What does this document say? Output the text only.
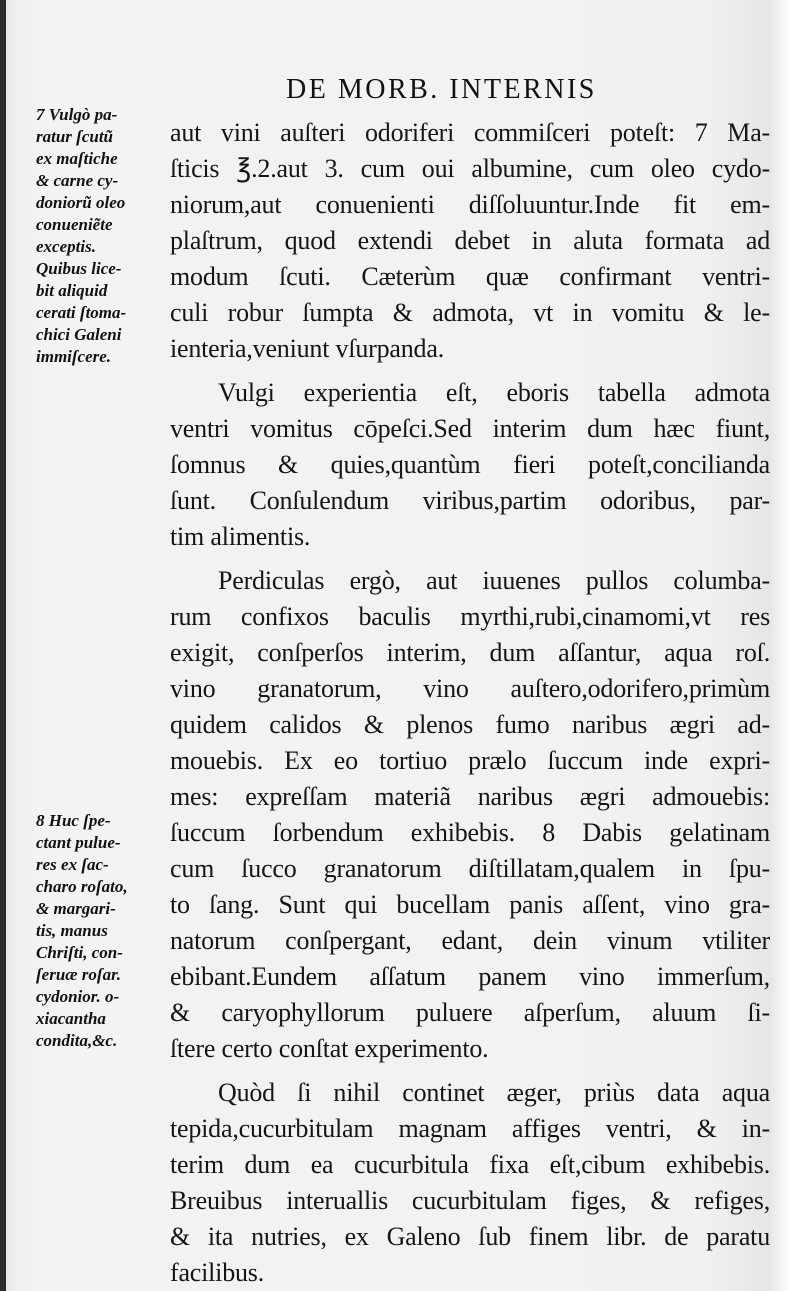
DE MORB. INTERNIS
7 Vulgò pa-
ratur ſcutũ
ex maſtiche
& carne cy-
doniorũ oleo
conueniẽte
exceptis.
Quibus lice-
bit aliquid
cerati ſtoma-
chici Galeni
immiſcere.
8 Huc ſpe-
ctant pulue-
res ex ſac-
charo roſato,
& margari-
tis, manus
Chriſti, con-
ſeruæ roſar.
cydonior. o-
xiacantha
condita,&c.
aut vini auſteri odoriferi commiſceri poteſt: 7 Ma-
ſticis ℥.2.aut 3. cum oui albumine, cum oleo cydo-
niorum,aut conuenienti diſſoluuntur.Inde fit em-
plaſtrum, quod extendi debet in aluta formata ad
modum ſcuti. Cæterùm quæ confirmant ventri-
culi robur ſumpta & admota, vt in vomitu & le-
ienteria,veniunt vſurpanda.
Vulgi experientia eſt, eboris tabella admota
ventri vomitus cōpeſci.Sed interim dum hæc fiunt,
ſomnus & quies,quantùm fieri poteſt,concilianda
ſunt. Conſulendum viribus,partim odoribus, par-
tim alimentis.
Perdiculas ergò, aut iuuenes pullos columba-
rum confixos baculis myrthi,rubi,cinamomi,vt res
exigit, conſperſos interim, dum aſſantur, aqua roſ.
vino granatorum, vino auſtero,odorifero,primùm
quidem calidos & plenos fumo naribus ægri ad-
mouebis. Ex eo tortiuo prælo ſuccum inde expri-
mes: expreſſam materiã naribus ægri admouebis:
ſuccum ſorbendum exhibebis. 8 Dabis gelatinam
cum ſucco granatorum diſtillatam,qualem in ſpu-
to ſang. Sunt qui bucellam panis aſſent, vino gra-
natorum conſpergant, edant, dein vinum vtiliter
ebibant.Eundem aſſatum panem vino immerſum,
& caryophyllorum puluere aſperſum, aluum ſi-
ſtere certo conſtat experimento.
Quòd ſi nihil continet æger, priùs data aqua
tepida,cucurbitulam magnam affiges ventri, & in-
terim dum ea cucurbitula fixa eſt,cibum exhibebis.
Breuibus interuallis cucurbitulam figes, & refiges,
& ita nutries, ex Galeno ſub finem libr. de paratu
facilibus.
